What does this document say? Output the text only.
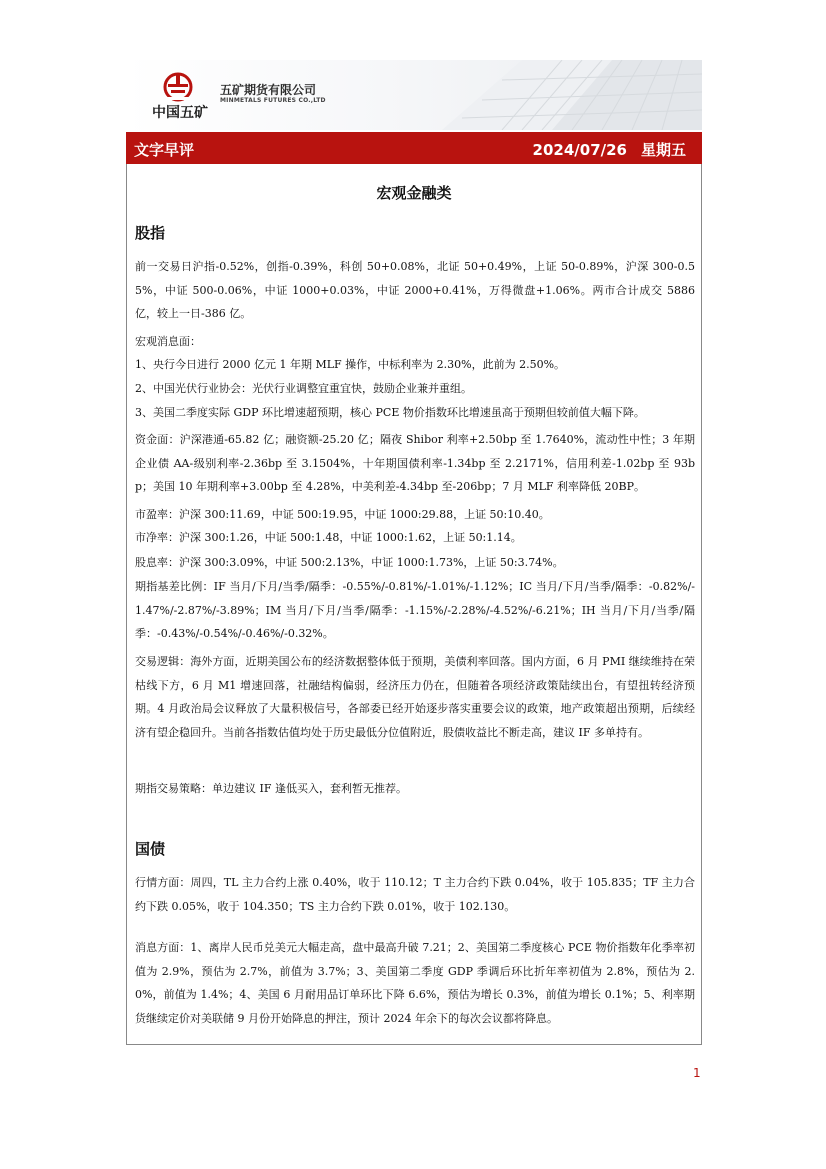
中国五矿
五矿期货有限公司
MINMETALS FUTURES CO.,LTD
文字早评	2024/07/26 星期五
宏观金融类
股指

前一交易日沪指-0.52%，创指-0.39%，科创 50+0.08%，北证 50+0.49%，上证 50-0.89%，沪深 300-0.55%，中证 500-0.06%，中证 1000+0.03%，中证 2000+0.41%，万得微盘+1.06%。两市合计成交 5886 亿，较上一日-386 亿。

宏观消息面：

1、央行今日进行 2000 亿元 1 年期 MLF 操作，中标利率为 2.30%，此前为 2.50%。

2、中国光伏行业协会：光伏行业调整宜重宜快，鼓励企业兼并重组。

3、美国二季度实际 GDP 环比增速超预期，核心 PCE 物价指数环比增速虽高于预期但较前值大幅下降。

资金面：沪深港通-65.82 亿；融资额-25.20 亿；隔夜 Shibor 利率+2.50bp 至 1.7640%，流动性中性；3 年期企业债 AA-级别利率-2.36bp 至 3.1504%，十年期国债利率-1.34bp 至 2.2171%，信用利差-1.02bp 至 93bp；美国 10 年期利率+3.00bp 至 4.28%，中美利差-4.34bp 至-206bp；7 月 MLF 利率降低 20BP。

市盈率：沪深 300:11.69，中证 500:19.95，中证 1000:29.88，上证 50:10.40。

市净率：沪深 300:1.26，中证 500:1.48，中证 1000:1.62，上证 50:1.14。

股息率：沪深 300:3.09%，中证 500:2.13%，中证 1000:1.73%，上证 50:3.74%。

期指基差比例：IF 当月/下月/当季/隔季：-0.55%/-0.81%/-1.01%/-1.12%；IC 当月/下月/当季/隔季：-0.82%/-1.47%/-2.87%/-3.89%；IM 当月/下月/当季/隔季：-1.15%/-2.28%/-4.52%/-6.21%；IH 当月/下月/当季/隔季：-0.43%/-0.54%/-0.46%/-0.32%。

交易逻辑：海外方面，近期美国公布的经济数据整体低于预期，美债利率回落。国内方面，6 月 PMI 继续维持在荣枯线下方，6 月 M1 增速回落，社融结构偏弱，经济压力仍在，但随着各项经济政策陆续出台，有望扭转经济预期。4 月政治局会议释放了大量积极信号，各部委已经开始逐步落实重要会议的政策，地产政策超出预期，后续经济有望企稳回升。当前各指数估值均处于历史最低分位值附近，股债收益比不断走高，建议 IF 多单持有。

期指交易策略：单边建议 IF 逢低买入，套利暂无推荐。

国债

行情方面：周四，TL 主力合约上涨 0.40%，收于 110.12；T 主力合约下跌 0.04%，收于 105.835；TF 主力合约下跌 0.05%，收于 104.350；TS 主力合约下跌 0.01%，收于 102.130。

消息方面：1、离岸人民币兑美元大幅走高，盘中最高升破 7.21；2、美国第二季度核心 PCE 物价指数年化季率初值为 2.9%，预估为 2.7%，前值为 3.7%；3、美国第二季度 GDP 季调后环比折年率初值为 2.8%，预估为 2.0%，前值为 1.4%；4、美国 6 月耐用品订单环比下降 6.6%，预估为增长 0.3%，前值为增长 0.1%；5、利率期货继续定价对美联储 9 月份开始降息的押注，预计 2024 年余下的每次会议都将降息。

1
